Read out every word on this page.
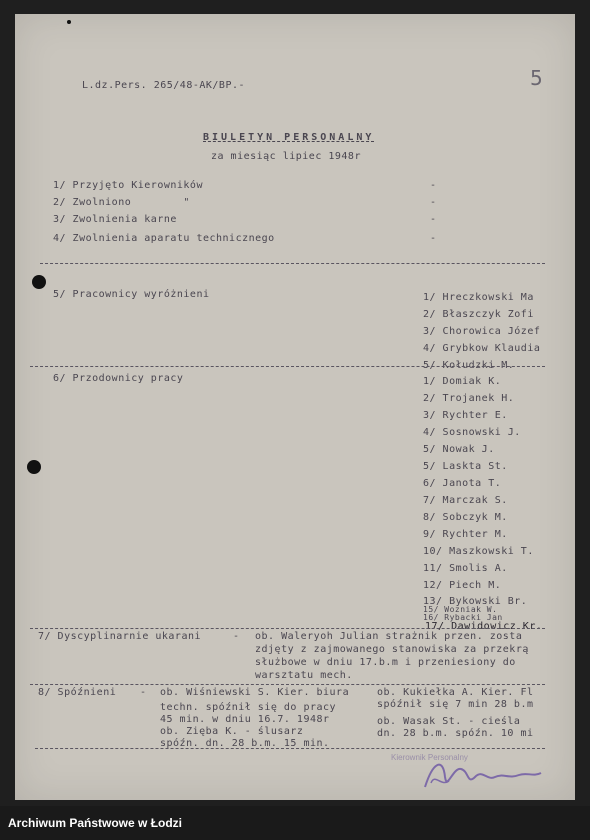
5
L.dz.Pers. 265/48-AK/BP.-
BIULETYN PERSONALNY
za miesiąc lipiec 1948r
1/ Przyjęto Kierowników	-
2/ Zwolniono        "	-
3/ Zwolnienia karne	-
4/ Zwolnienia aparatu technicznego	-
5/ Pracownicy wyróżnieni	1/ Hreczkowski Ma
2/ Błaszczyk Zofi
3/ Chorowica Józef
4/ Grybkow Klaudia
5/ Kołudzki M.
6/ Przodownicy pracy	1/ Domiak K.
2/ Trojanek H.
3/ Rychter E.
4/ Sosnowski J.
5/ Nowak J.
5/ Laskta St.
6/ Janota T.
7/ Marczak S.
8/ Sobczyk M.
9/ Rychter M.
10/ Maszkowski T.
11/ Smolis A.
12/ Piech M.
13/ Bykowski Br.
15/ Wozniak W.
16/ Rybacki Jan
17/ Dawidowicz Kr.
7/ Dyscyplinarnie ukarani	- ob. Waleryoh Julian strażnik przen. zosta
zdjęty z zajmowanego stanowiska za przekrą
służbowe w dniu 17.b.m i przeniesiony do
warsztatu mech.
8/ Spóźnieni - ob. Wiśniewski S. Kier. biura
techn. spóźnił się do pracy
45 min. w dniu 16.7. 1948r
ob. Zięba K. - ślusarz
spóźn. dn. 28 b.m. 15 min.
ob. Kukiełka A. Kier. Fl
spóźnił się 7 min 28 b.m
ob. Wasak St. - cieśla
dn. 28 b.m. spóźn. 10 mi
Kierownik Personalny
Archiwum Państwowe w Łodzi
